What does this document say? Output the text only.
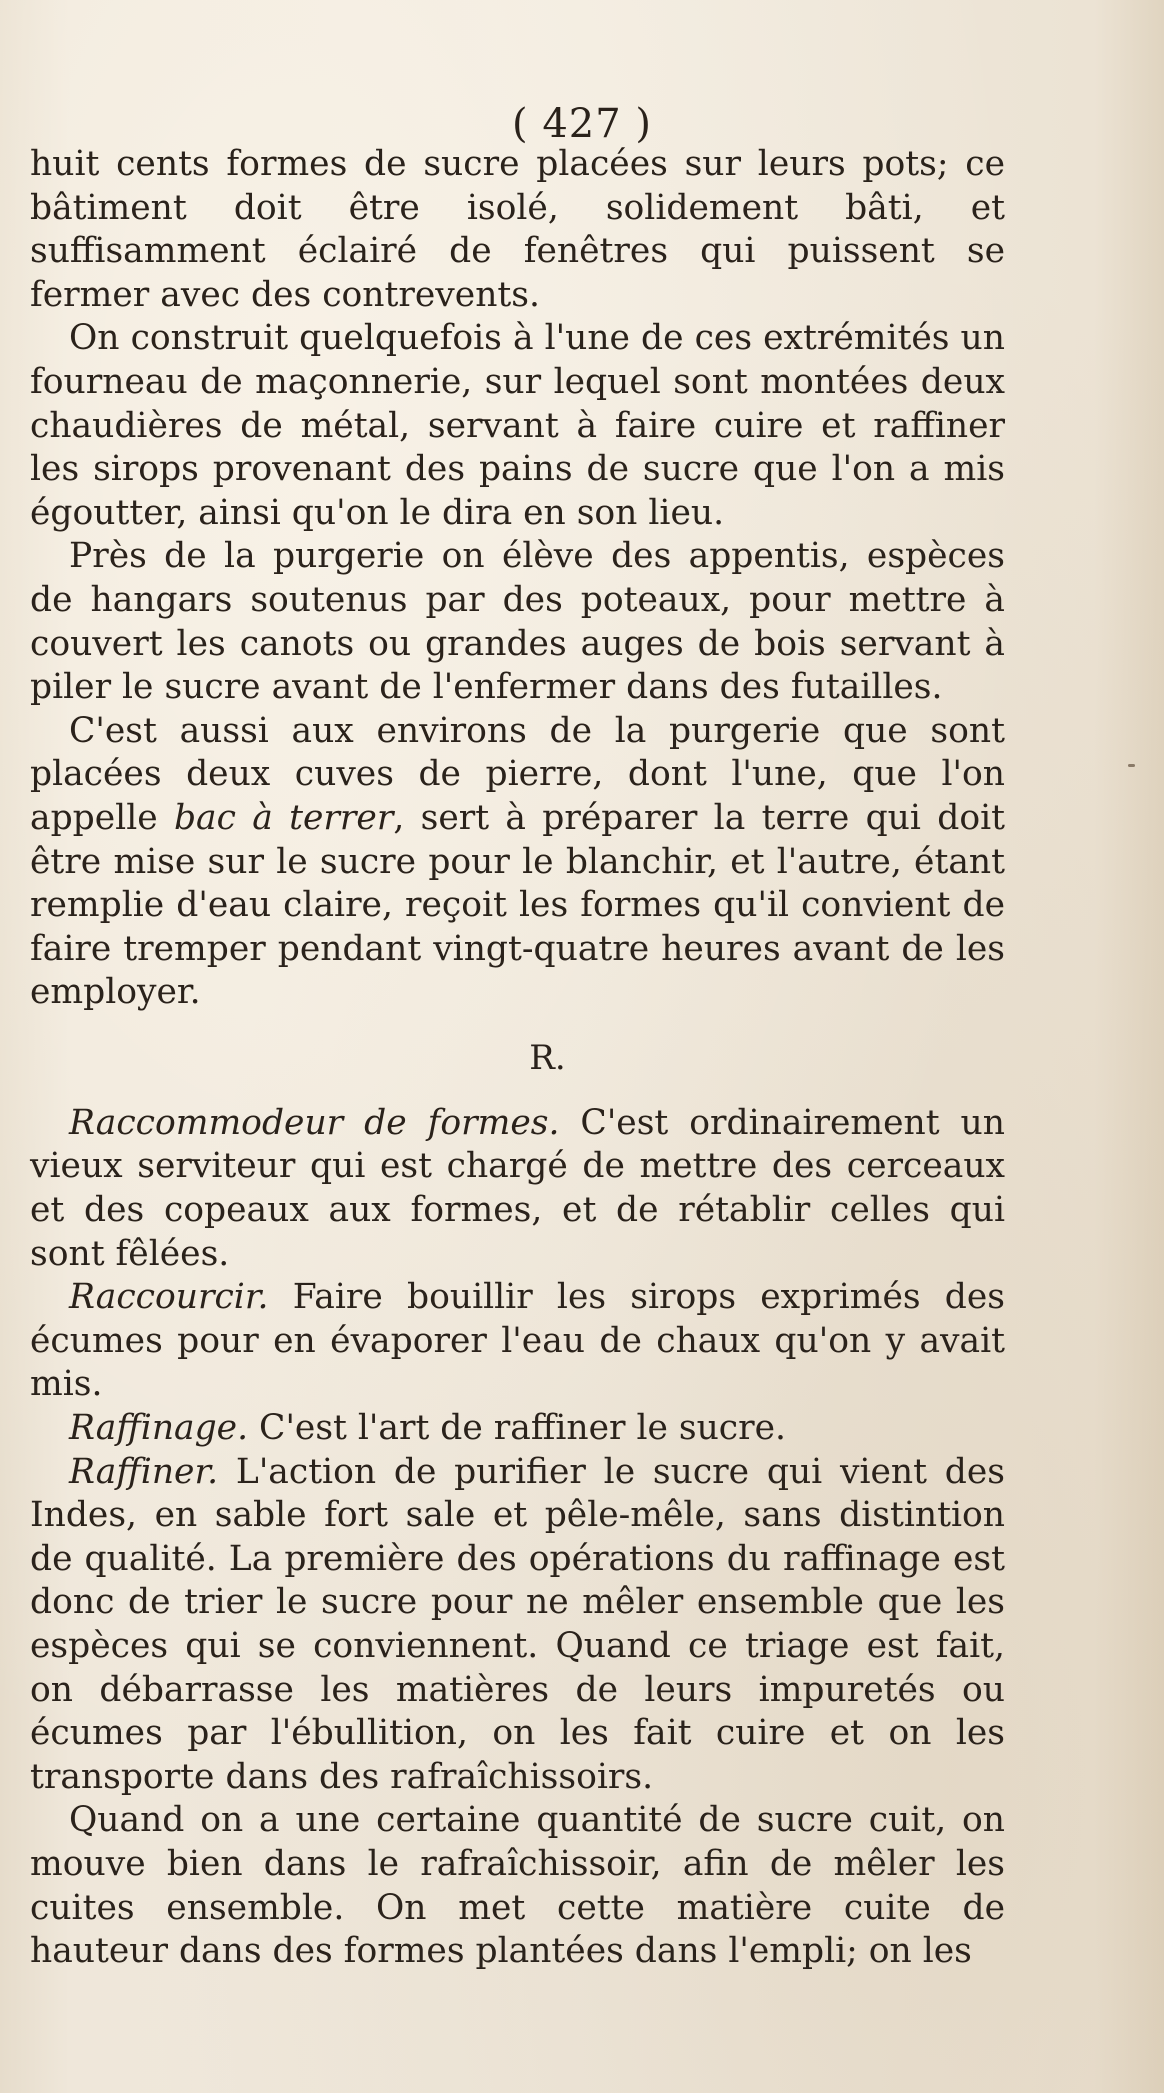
( 427 )

huit cents formes de sucre placées sur leurs pots; ce bâtiment doit être isolé, solidement bâti, et suffisamment éclairé de fenêtres qui puissent se fermer avec des contrevents.

On construit quelquefois à l'une de ces extrémités un fourneau de maçonnerie, sur lequel sont montées deux chaudières de métal, servant à faire cuire et raffiner les sirops provenant des pains de sucre que l'on a mis égoutter, ainsi qu'on le dira en son lieu.

Près de la purgerie on élève des appentis, espèces de hangars soutenus par des poteaux, pour mettre à couvert les canots ou grandes auges de bois servant à piler le sucre avant de l'enfermer dans des futailles.

C'est aussi aux environs de la purgerie que sont placées deux cuves de pierre, dont l'une, que l'on appelle bac à terrer, sert à préparer la terre qui doit être mise sur le sucre pour le blanchir, et l'autre, étant remplie d'eau claire, reçoit les formes qu'il convient de faire tremper pendant vingt-quatre heures avant de les employer.

R.

Raccommodeur de formes. C'est ordinairement un vieux serviteur qui est chargé de mettre des cerceaux et des copeaux aux formes, et de rétablir celles qui sont fêlées.

Raccourcir. Faire bouillir les sirops exprimés des écumes pour en évaporer l'eau de chaux qu'on y avait mis.

Raffinage. C'est l'art de raffiner le sucre.

Raffiner. L'action de purifier le sucre qui vient des Indes, en sable fort sale et pêle-mêle, sans distintion de qualité. La première des opérations du raffinage est donc de trier le sucre pour ne mêler ensemble que les espèces qui se conviennent. Quand ce triage est fait, on débarrasse les matières de leurs impuretés ou écumes par l'ébullition, on les fait cuire et on les transporte dans des rafraîchissoirs.

Quand on a une certaine quantité de sucre cuit, on mouve bien dans le rafraîchissoir, afin de mêler les cuites ensemble. On met cette matière cuite de hauteur dans des formes plantées dans l'empli; on les
